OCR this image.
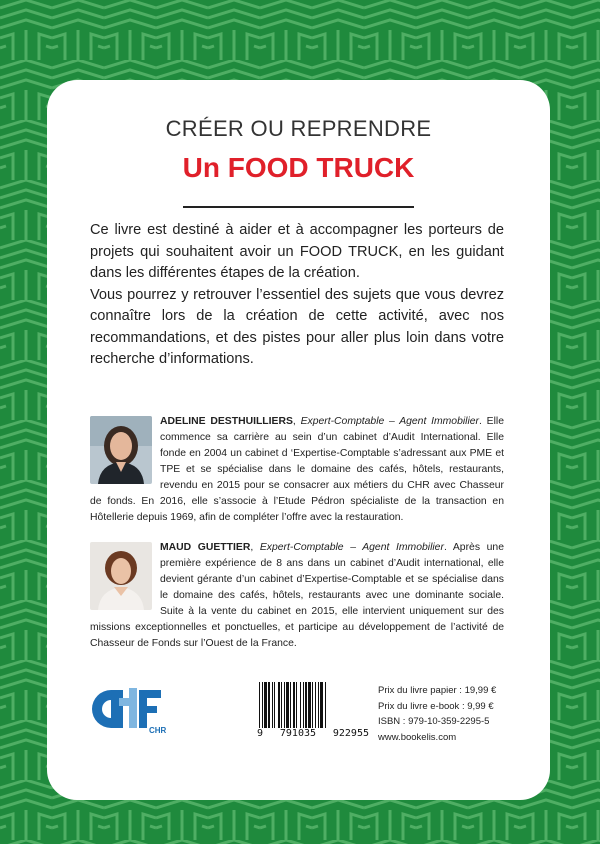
CRÉER OU REPRENDRE
Un FOOD TRUCK

Ce livre est destiné à aider et à accompagner les porteurs de projets qui souhaitent avoir un FOOD TRUCK, en les guidant dans les différentes étapes de la création.

Vous pourrez y retrouver l’essentiel des sujets que vous devrez connaître lors de la création de cette activité, avec nos recommandations, et des pistes pour aller plus loin dans votre recherche d’informations.

ADELINE DESTHUILLIERS, Expert-Comptable – Agent Immobilier. Elle commence sa carrière au sein d’un cabinet d’Audit International. Elle fonde en 2004 un cabinet d ‘Expertise-Comptable s’adressant aux PME et TPE et se spécialise dans le domaine des cafés, hôtels, restaurants, revendu en 2015 pour se consacrer aux métiers du CHR avec Chasseur de fonds. En 2016, elle s’associe à l’Etude Pédron spécialiste de la transaction en Hôtellerie depuis 1969, afin de compléter l’offre avec la restauration.
MAUD GUETTIER, Expert-Comptable – Agent Immobilier. Après une première expérience de 8 ans dans un cabinet d’Audit international, elle devient gérante d’un cabinet d’Expertise-Comptable et se spécialise dans le domaine des cafés, hôtels, restaurants avec une dominante sociale. Suite à la vente du cabinet en 2015, elle intervient uniquement sur des missions exceptionnelles et ponctuelles, et participe au développement de l’activité de Chasseur de Fonds sur l’Ouest de la France.
CHR	9 791035 922955
Prix du livre papier : 19,99 €
Prix du livre e-book : 9,99 €
ISBN : 979-10-359-2295-5
www.bookelis.com
